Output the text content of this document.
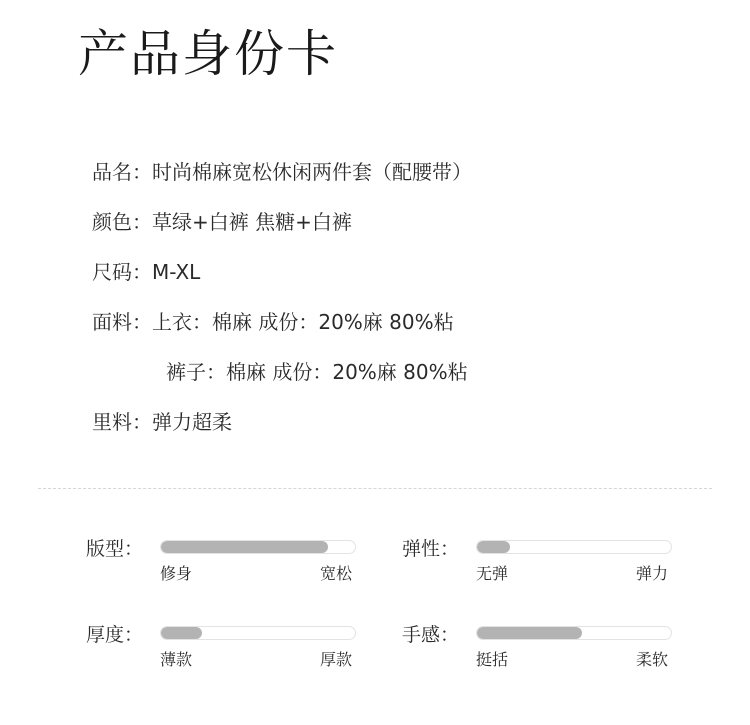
产品身份卡
品名：时尚棉麻宽松休闲两件套（配腰带）
颜色：草绿+白裤 焦糖+白裤
尺码：M-XL
面料：上衣：棉麻 成份：20%麻 80%粘
裤子：棉麻 成份：20%麻 80%粘
里料：弹力超柔
版型：
修身	宽松
弹性：
无弹	弹力
厚度：
薄款	厚款
手感：
挺括	柔软
